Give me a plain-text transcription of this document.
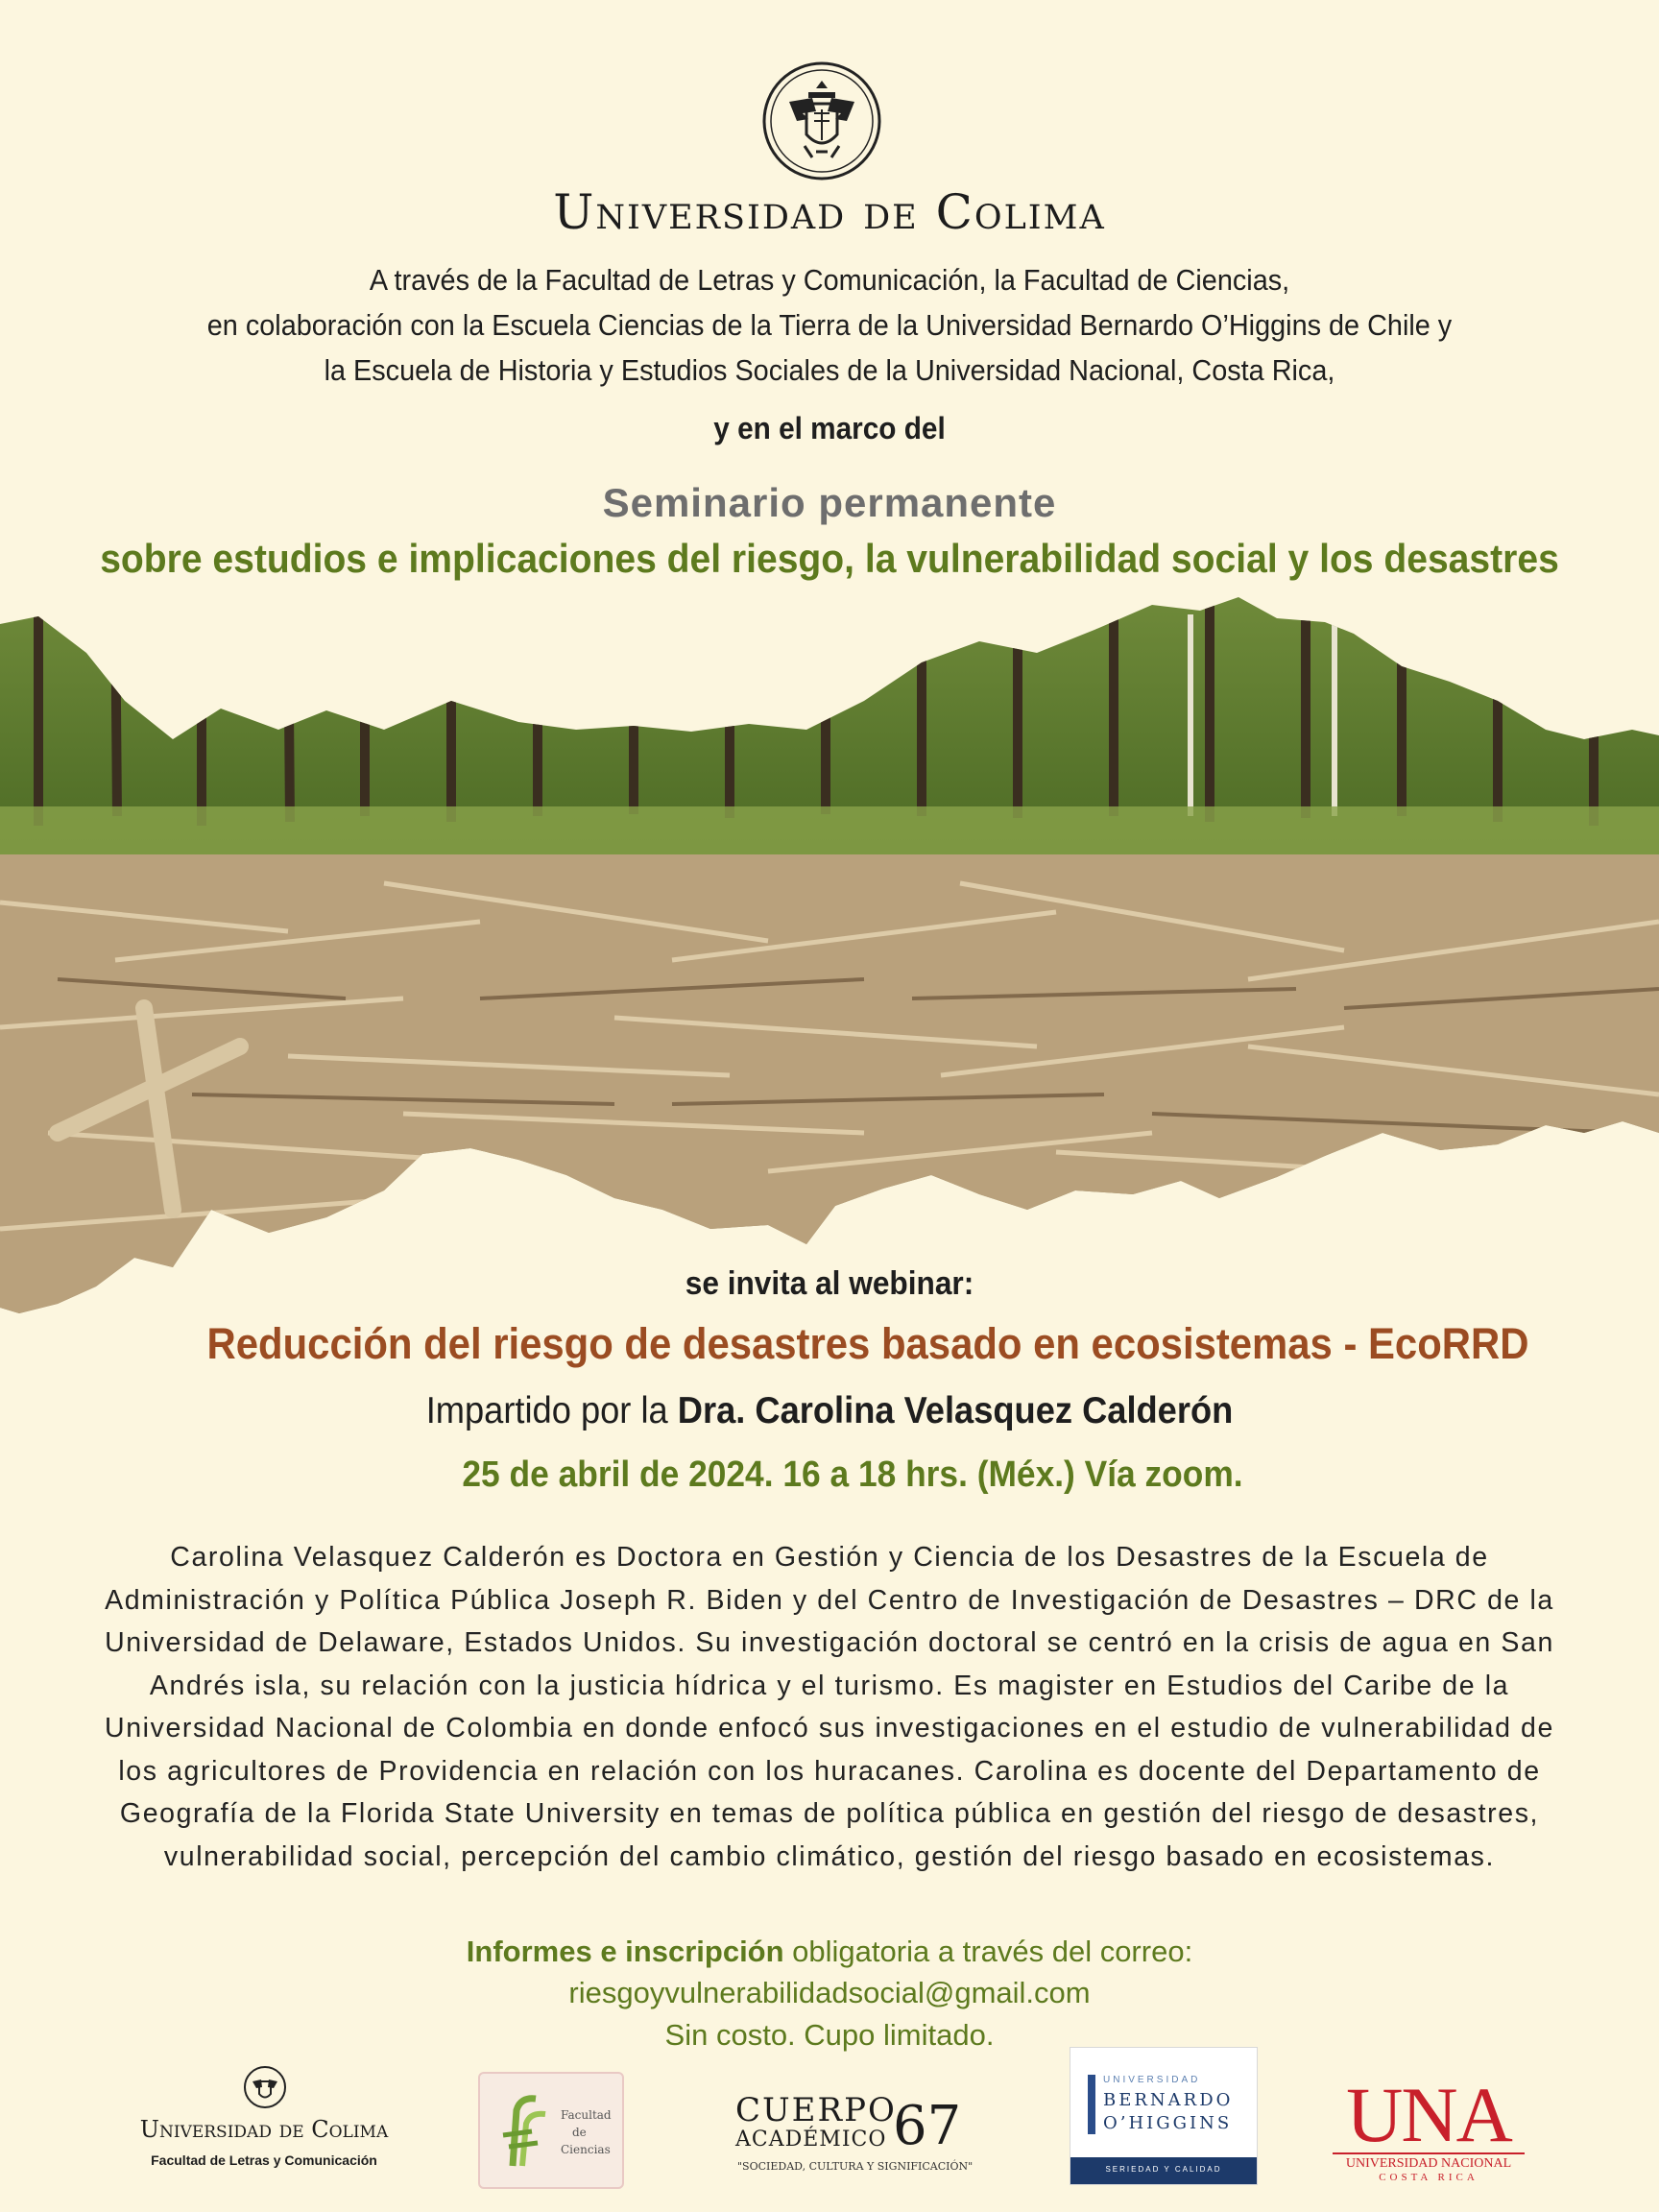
Universidad de Colima
A través de la Facultad de Letras y Comunicación, la Facultad de Ciencias,
en colaboración con la Escuela Ciencias de la Tierra de la Universidad Bernardo O’Higgins de Chile y
la Escuela de Historia y Estudios Sociales de la Universidad Nacional, Costa Rica,
y en el marco del
Seminario permanente
sobre estudios e implicaciones del riesgo, la vulnerabilidad social y los desastres
se invita al webinar:
Reducción del riesgo de desastres basado en ecosistemas - EcoRRD
Impartido por la Dra. Carolina Velasquez Calderón
25 de abril de 2024. 16 a 18 hrs. (Méx.) Vía zoom.
Carolina Velasquez Calderón es Doctora en Gestión y Ciencia de los Desastres de la Escuela de
Administración y Política Pública Joseph R. Biden y del Centro de Investigación de Desastres – DRC de la
Universidad de Delaware, Estados Unidos. Su investigación doctoral se centró en la crisis de agua en San
Andrés isla, su relación con la justicia hídrica y el turismo. Es magister en Estudios del Caribe de la
Universidad Nacional de Colombia en donde enfocó sus investigaciones en el estudio de vulnerabilidad de
los agricultores de Providencia en relación con los huracanes. Carolina es docente del Departamento de
Geografía de la Florida State University en temas de política pública en gestión del riesgo de desastres,
vulnerabilidad social, percepción del cambio climático, gestión del riesgo basado en ecosistemas.
Informes e inscripción obligatoria a través del correo:
riesgoyvulnerabilidadsocial@gmail.com
Sin costo. Cupo limitado.
Universidad de Colima
Facultad de Letras y Comunicación
Facultad
de
Ciencias
CUERPO
ACADÉMICO 67
"SOCIEDAD, CULTURA Y SIGNIFICACIÓN"
UNIVERSIDAD
BERNARDO
O’HIGGINS
SERIEDAD Y CALIDAD
UNA
UNIVERSIDAD NACIONAL
COSTA RICA
